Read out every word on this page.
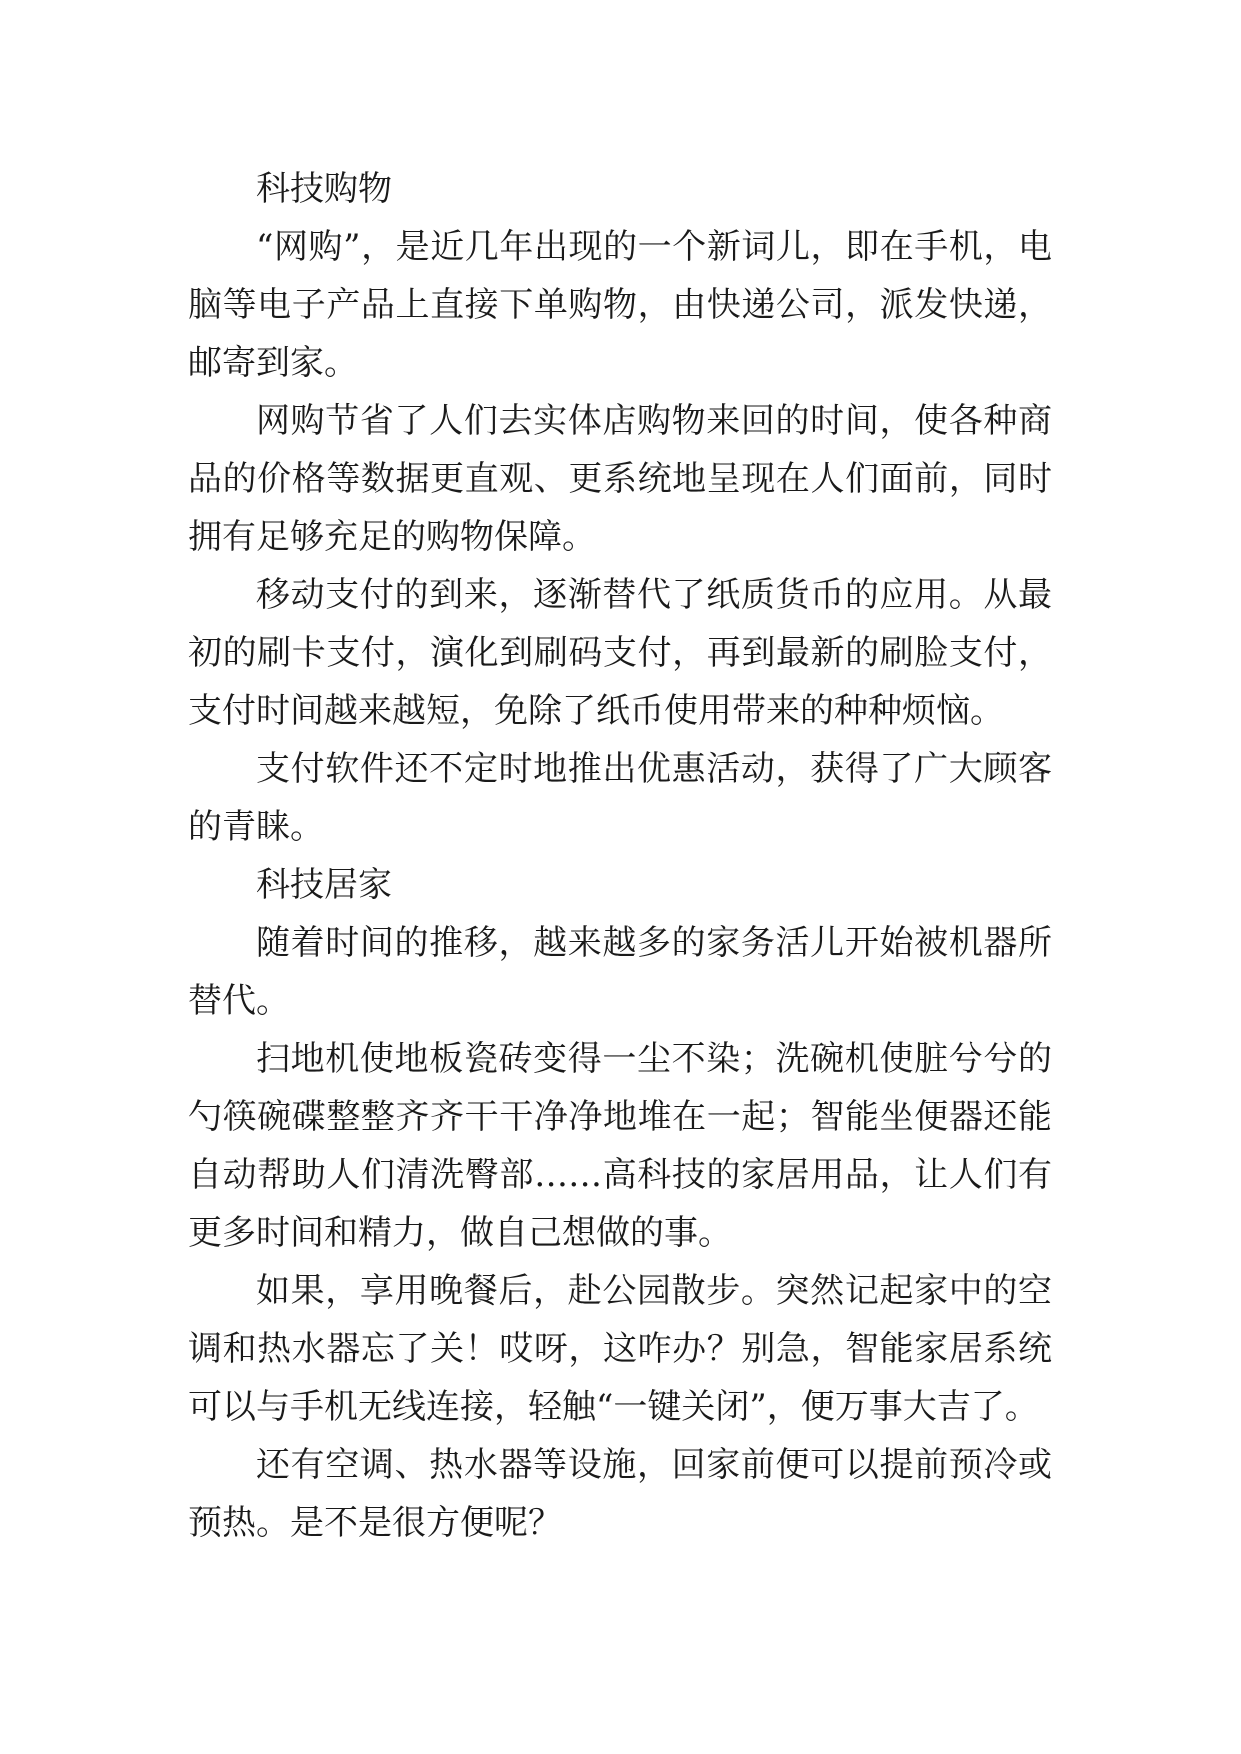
科技购物

“网购”，是近几年出现的一个新词儿，即在手机，电脑等电子产品上直接下单购物，由快递公司，派发快递，邮寄到家。

网购节省了人们去实体店购物来回的时间，使各种商品的价格等数据更直观、更系统地呈现在人们面前，同时拥有足够充足的购物保障。

移动支付的到来，逐渐替代了纸质货币的应用。从最初的刷卡支付，演化到刷码支付，再到最新的刷脸支付，支付时间越来越短，免除了纸币使用带来的种种烦恼。

支付软件还不定时地推出优惠活动，获得了广大顾客的青睐。

科技居家

随着时间的推移，越来越多的家务活儿开始被机器所替代。

扫地机使地板瓷砖变得一尘不染；洗碗机使脏兮兮的勺筷碗碟整整齐齐干干净净地堆在一起；智能坐便器还能自动帮助人们清洗臀部……高科技的家居用品，让人们有更多时间和精力，做自己想做的事。

如果，享用晚餐后，赴公园散步。突然记起家中的空调和热水器忘了关！哎呀，这咋办？别急，智能家居系统可以与手机无线连接，轻触“一键关闭”，便万事大吉了。

还有空调、热水器等设施，回家前便可以提前预冷或预热。是不是很方便呢？
